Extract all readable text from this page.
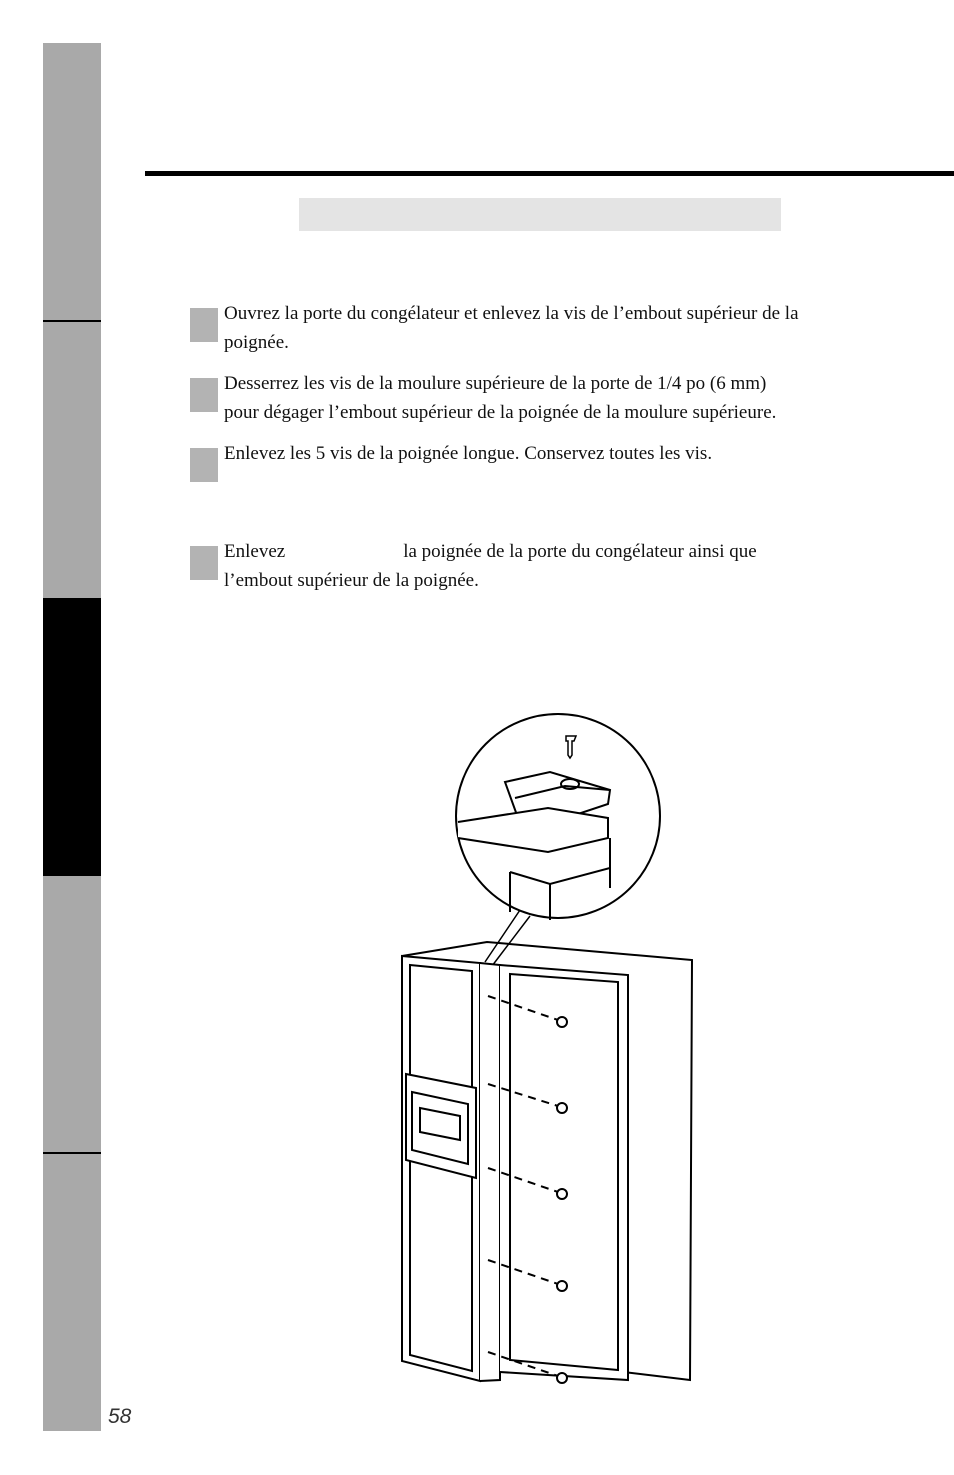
Ouvrez la porte du congélateur et enlevez la vis de l’embout supérieur de la
poignée.
Desserrez les vis de la moulure supérieure de la porte de 1/4 po (6 mm)
pour dégager l’embout supérieur de la poignée de la moulure supérieure.
Enlevez les 5 vis de la poignée longue. Conservez toutes les vis.
Enlevez	la poignée de la porte du congélateur ainsi que
l’embout supérieur de la poignée.
58
